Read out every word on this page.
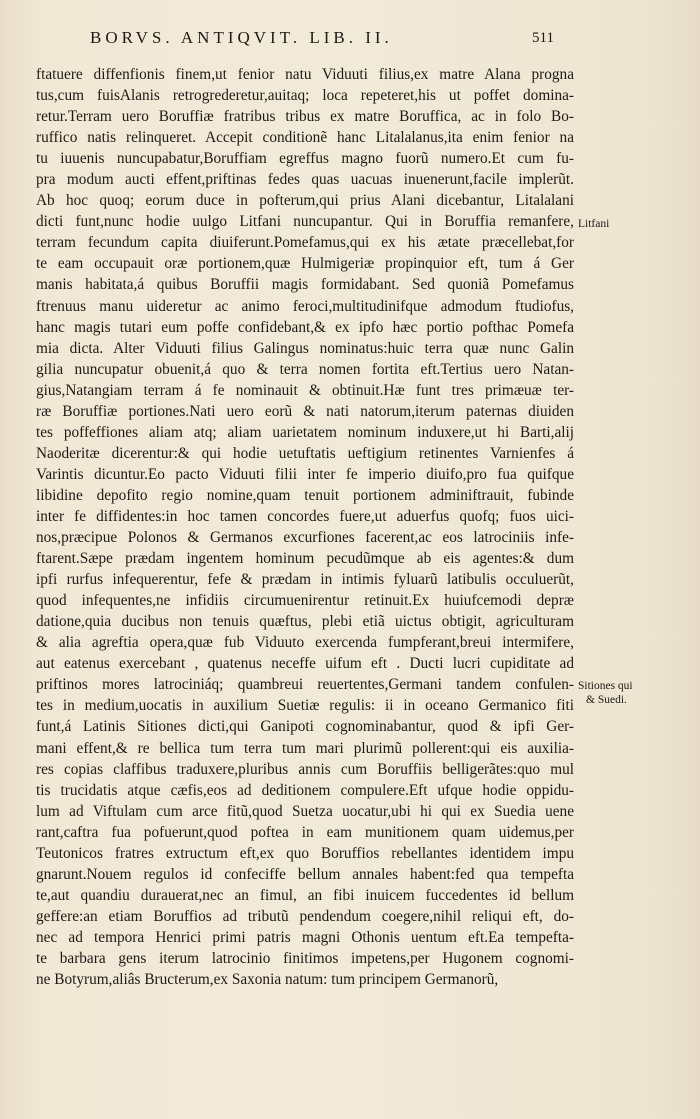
BORVS. ANTIQVIT. LIB. II.	511
ftatuere diffenfionis finem,ut fenior natu Viduuti filius,ex matre Alana progna
tus,cum fuisAlanis retrogrederetur,auitaq; loca repeteret,his ut poffet domina-
retur.Terram uero Boruffiæ fratribus tribus ex matre Boruffica, ac in folo Bo-
ruffico natis relinqueret. Accepit conditionẽ hanc Litalalanus,ita enim fenior na
tu iuuenis nuncupabatur,Boruffiam egreffus magno fuorũ numero.Et cum fu-
pra modum aucti effent,priftinas fedes quas uacuas inuenerunt,facile implerũt.
Ab hoc quoq; eorum duce in pofterum,qui prius Alani dicebantur, Litalalani
dicti funt,nunc hodie uulgo Litfani nuncupantur. Qui in Boruffia remanfere,
terram fecundum capita diuiferunt.Pomefamus,qui ex his ætate præcellebat,for
te eam occupauit oræ portionem,quæ Hulmigeriæ propinquior eft, tum á Ger
manis habitata,á quibus Boruffii magis formidabant. Sed quoniã Pomefamus
ftrenuus manu uideretur ac animo feroci,multitudinifque admodum ftudiofus,
hanc magis tutari eum poffe confidebant,& ex ipfo hæc portio pofthac Pomefa
mia dicta. Alter Viduuti filius Galingus nominatus:huic terra quæ nunc Galin
gilia nuncupatur obuenit,á quo & terra nomen fortita eft.Tertius uero Natan-
gius,Natangiam terram á fe nominauit & obtinuit.Hæ funt tres primæuæ ter-
ræ Boruffiæ portiones.Nati uero eorũ & nati natorum,iterum paternas diuiden
tes poffeffiones aliam atq; aliam uarietatem nominum induxere,ut hi Barti,alij
Naoderitæ dicerentur:& qui hodie uetuftatis ueftigium retinentes Varnienfes á
Varintis dicuntur.Eo pacto Viduuti filii inter fe imperio diuifo,pro fua quifque
libidine depofito regio nomine,quam tenuit portionem adminiftrauit, fubinde
inter fe diffidentes:in hoc tamen concordes fuere,ut aduerfus quofq; fuos uici-
nos,præcipue Polonos & Germanos excurfiones facerent,ac eos latrociniis infe-
ftarent.Sæpe prædam ingentem hominum pecudũmque ab eis agentes:& dum
ipfi rurfus infequerentur, fefe & prædam in intimis fyluarũ latibulis occuluerũt,
quod infequentes,ne infidiis circumuenirentur retinuit.Ex huiufcemodi depræ
datione,quia ducibus non tenuis quæftus, plebi etiã uictus obtigit, agriculturam
& alia agreftia opera,quæ fub Viduuto exercenda fumpferant,breui intermifere,
aut eatenus exercebant , quatenus neceffe uifum eft . Ducti lucri cupiditate ad
priftinos mores latrociniáq; quambreui reuertentes,Germani tandem confulen-
tes in medium,uocatis in auxilium Suetiæ regulis: ii in oceano Germanico fiti
funt,á Latinis Sitiones dicti,qui Ganipoti cognominabantur, quod & ipfi Ger-
mani effent,& re bellica tum terra tum mari plurimũ pollerent:qui eis auxilia-
res copias claffibus traduxere,pluribus annis cum Boruffiis belligerãtes:quo mul
tis trucidatis atque cæfis,eos ad deditionem compulere.Eft ufque hodie oppidu-
lum ad Viftulam cum arce fitũ,quod Suetza uocatur,ubi hi qui ex Suedia uene
rant,caftra fua pofuerunt,quod poftea in eam munitionem quam uidemus,per
Teutonicos fratres extructum eft,ex quo Boruffios rebellantes identidem impu
gnarunt.Nouem regulos id confeciffe bellum annales habent:fed qua tempefta
te,aut quandiu durauerat,nec an fimul, an fibi inuicem fuccedentes id bellum
geffere:an etiam Boruffios ad tributũ pendendum coegere,nihil reliqui eft, do-
nec ad tempora Henrici primi patris magni Othonis uentum eft.Ea tempefta-
te barbara gens iterum latrocinio finitimos impetens,per Hugonem cognomi-
ne Botyrum,aliâs Bructerum,ex Saxonia natum: tum principem Germanorũ,
Litfani
Sitiones qui
& Suedi.
